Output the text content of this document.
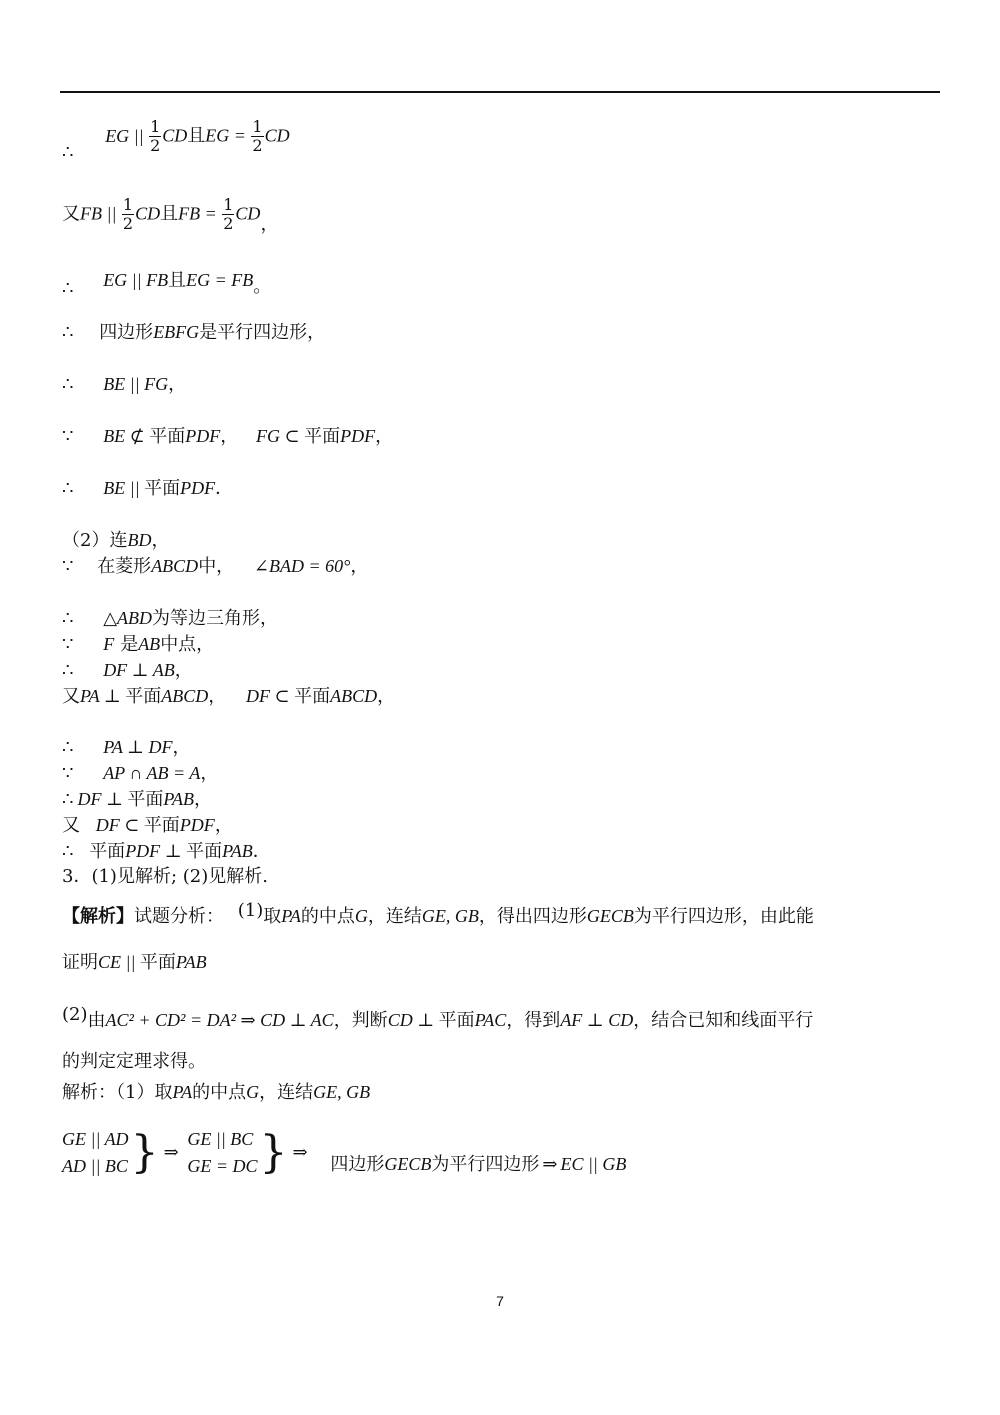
∴ EG || $\frac{1}{2}$ CD且EG = $\frac{1}{2}$ CD
又FB || $\frac{1}{2}$ CD且FB = $\frac{1}{2}$ CD，
∴ EG || FB且EG = FB。
∴ 四边形EBFG是平行四边形，
∴ BE || FG，
∵ BE ⊄ 平面PDF， FG ⊂ 平面PDF，
∴ BE || 平面PDF．
（2）连BD，
∵ 在菱形ABCD中， ∠BAD = 60°，
∴ △ABD为等边三角形，
∵ F 是AB中点，
∴ DF ⊥ AB，
又PA ⊥ 平面ABCD， DF ⊂ 平面ABCD，
∴ PA ⊥ DF，
∵ AP ∩ AB = A，
∴ DF ⊥ 平面PAB，
又 DF ⊂ 平面PDF，
∴ 平面PDF ⊥ 平面PAB．
3．(1)见解析; (2)见解析.
【解析】试题分析： (1)取PA的中点G，连结GE, GB，得出四边形GECB为平行四边形，由此能
证明CE || 平面PAB
(2)由AC² + CD² = DA² ⇒ CD ⊥ AC，判断CD ⊥ 平面PAC，得到AF ⊥ CD，结合已知和线面平行
的判定定理求得。
解析：（1）取PA的中点G，连结GE, GB
GE || AD
AD || BC } ⇒
GE || BC
GE = DC } ⇒ 四边形GECB为平行四边形 ⇒ EC || GB
7
